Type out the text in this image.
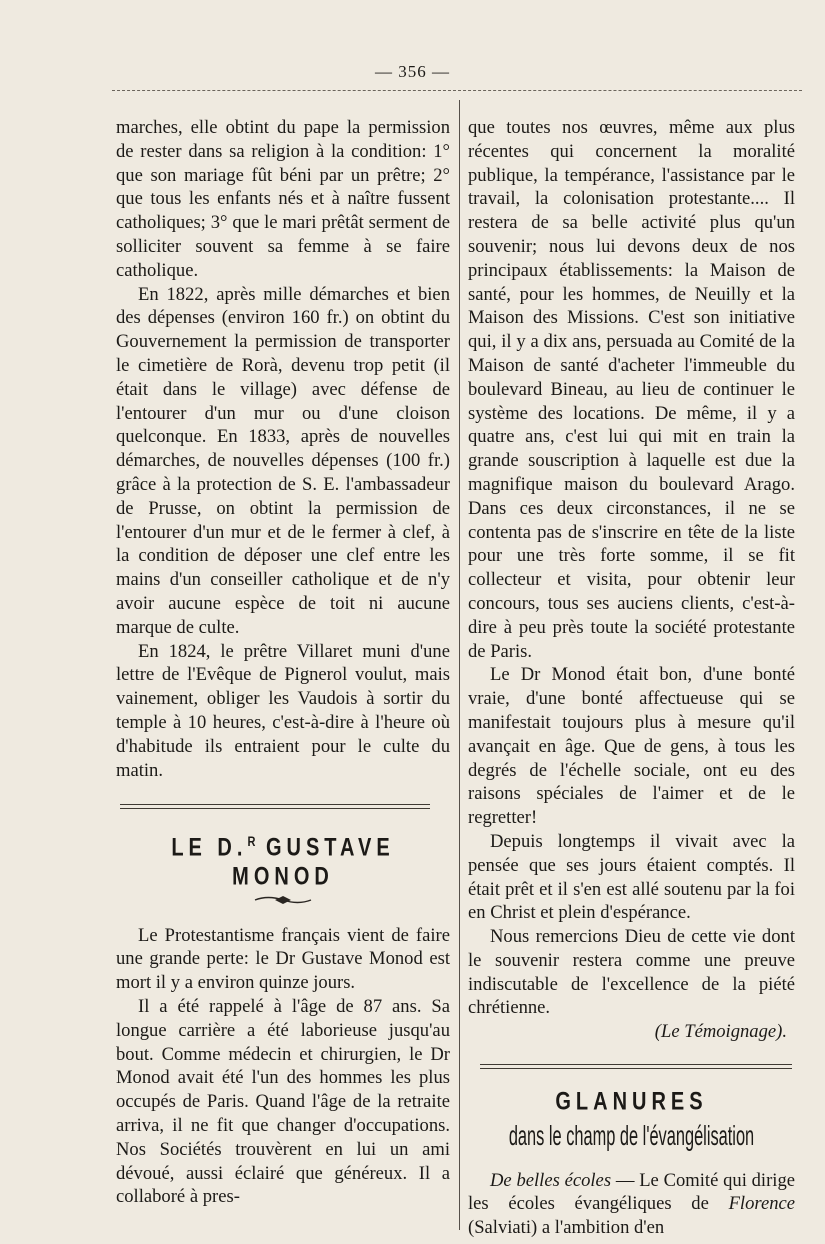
— 356 —

marches, elle obtint du pape la permission de rester dans sa religion à la condition: 1° que son mariage fût béni par un prêtre; 2° que tous les enfants nés et à naître fussent catholiques; 3° que le mari prêtât serment de solliciter souvent sa femme à se faire catholique.

En 1822, après mille démarches et bien des dépenses (environ 160 fr.) on obtint du Gouvernement la permission de transporter le cimetière de Rorà, devenu trop petit (il était dans le village) avec défense de l'entourer d'un mur ou d'une cloison quelconque. En 1833, après de nouvelles démarches, de nouvelles dépenses (100 fr.) grâce à la protection de S. E. l'ambassadeur de Prusse, on obtint la permission de l'entourer d'un mur et de le fermer à clef, à la condition de déposer une clef entre les mains d'un conseiller catholique et de n'y avoir aucune espèce de toit ni aucune marque de culte.

En 1824, le prêtre Villaret muni d'une lettre de l'Evêque de Pignerol voulut, mais vainement, obliger les Vaudois à sortir du temple à 10 heures, c'est-à-dire à l'heure où d'habitude ils entraient pour le culte du matin.

LE D.$^R$ GUSTAVE MONOD

Le Protestantisme français vient de faire une grande perte: le Dr Gustave Monod est mort il y a environ quinze jours.

Il a été rappelé à l'âge de 87 ans. Sa longue carrière a été laborieuse jusqu'au bout. Comme médecin et chirurgien, le Dr Monod avait été l'un des hommes les plus occupés de Paris. Quand l'âge de la retraite arriva, il ne fit que changer d'occupations. Nos Sociétés trouvèrent en lui un ami dévoué, aussi éclairé que généreux. Il a collaboré à pres-

que toutes nos œuvres, même aux plus récentes qui concernent la moralité publique, la tempérance, l'assistance par le travail, la colonisation protestante.... Il restera de sa belle activité plus qu'un souvenir; nous lui devons deux de nos principaux établissements: la Maison de santé, pour les hommes, de Neuilly et la Maison des Missions. C'est son initiative qui, il y a dix ans, persuada au Comité de la Maison de santé d'acheter l'immeuble du boulevard Bineau, au lieu de continuer le système des locations. De même, il y a quatre ans, c'est lui qui mit en train la grande souscription à laquelle est due la magnifique maison du boulevard Arago. Dans ces deux circonstances, il ne se contenta pas de s'inscrire en tête de la liste pour une très forte somme, il se fit collecteur et visita, pour obtenir leur concours, tous ses auciens clients, c'est-à-dire à peu près toute la société protestante de Paris.

Le Dr Monod était bon, d'une bonté vraie, d'une bonté affectueuse qui se manifestait toujours plus à mesure qu'il avançait en âge. Que de gens, à tous les degrés de l'échelle sociale, ont eu des raisons spéciales de l'aimer et de le regretter!

Depuis longtemps il vivait avec la pensée que ses jours étaient comptés. Il était prêt et il s'en est allé soutenu par la foi en Christ et plein d'espérance.

Nous remercions Dieu de cette vie dont le souvenir restera comme une preuve indiscutable de l'excellence de la piété chrétienne.

(Le Témoignage).

GLANURES
dans le champ de l'évangélisation

De belles écoles — Le Comité qui dirige les écoles évangéliques de Florence (Salviati) a l'ambition d'en
